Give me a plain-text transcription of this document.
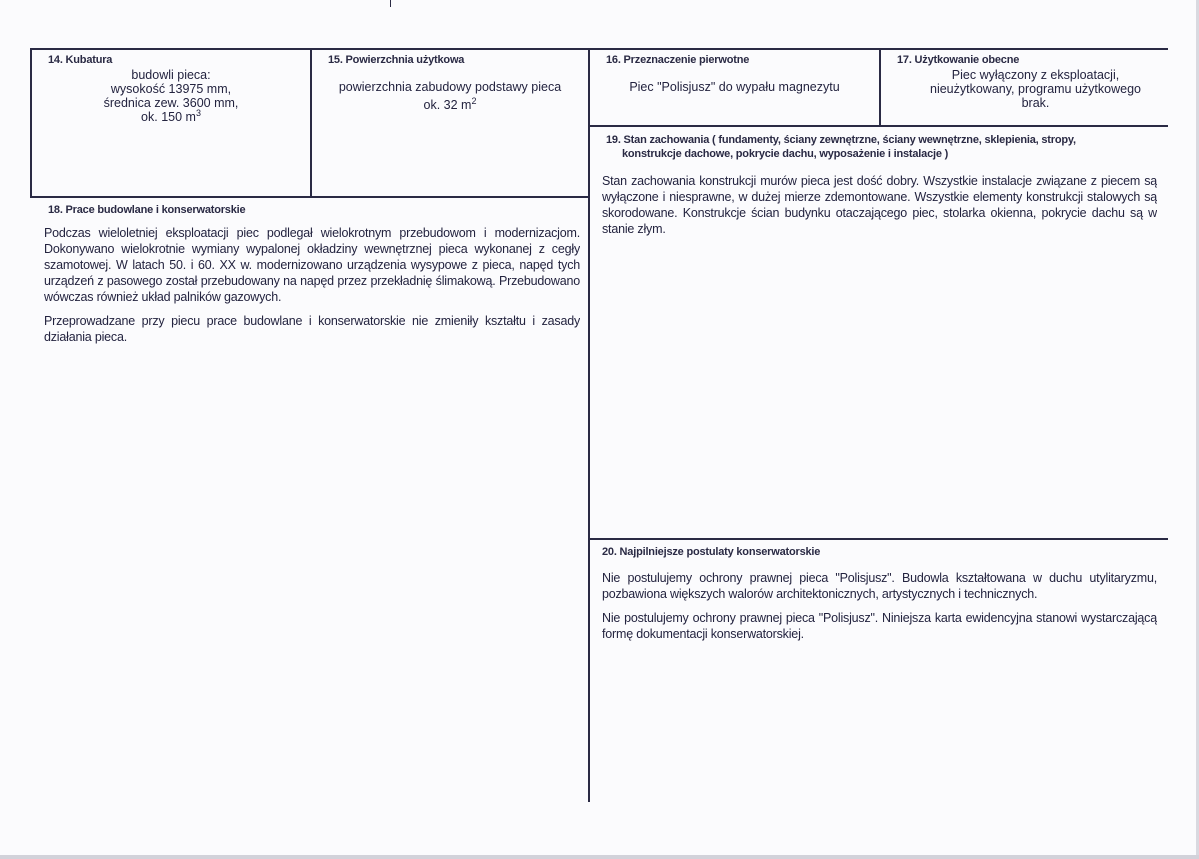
14. Kubatura
budowli pieca:
wysokość 13975 mm,
średnica zew. 3600 mm,
ok. 150 $m^3$
15. Powierzchnia użytkowa
powierzchnia zabudowy podstawy pieca
ok. 32 $m^2$
16. Przeznaczenie pierwotne
Piec "Polisjusz" do wypału magnezytu
17. Użytkowanie obecne
Piec wyłączony z eksploatacji,
nieużytkowany, programu użytkowego
brak.
18. Prace budowlane i konserwatorskie

Podczas wieloletniej eksploatacji piec podlegał wielokrotnym przebudowom i modernizacjom. Dokonywano wielokrotnie wymiany wypalonej okładziny wewnętrznej pieca wykonanej z cegły szamotowej. W latach 50. i 60. XX w. modernizowano urządzenia wysypowe z pieca, napęd tych urządzeń z pasowego został przebudowany na napęd przez przekładnię ślimakową. Przebudowano wówczas również układ palników gazowych.

Przeprowadzane przy piecu prace budowlane i konserwatorskie nie zmieniły kształtu i zasady działania pieca.

19. Stan zachowania ( fundamenty, ściany zewnętrzne, ściany wewnętrzne, sklepienia, stropy,
konstrukcje dachowe, pokrycie dachu, wyposażenie i instalacje )

Stan zachowania konstrukcji murów pieca jest dość dobry. Wszystkie instalacje związane z piecem są wyłączone i niesprawne, w dużej mierze zdemontowane. Wszystkie elementy konstrukcji stalowych są skorodowane. Konstrukcje ścian budynku otaczającego piec, stolarka okienna, pokrycie dachu są w stanie złym.

20. Najpilniejsze postulaty konserwatorskie

Nie postulujemy ochrony prawnej pieca "Polisjusz". Budowla kształtowana w duchu utylitaryzmu, pozbawiona większych walorów architektonicznych, artystycznych i technicznych.

Nie postulujemy ochrony prawnej pieca "Polisjusz". Niniejsza karta ewidencyjna stanowi wystarczającą formę dokumentacji konserwatorskiej.
